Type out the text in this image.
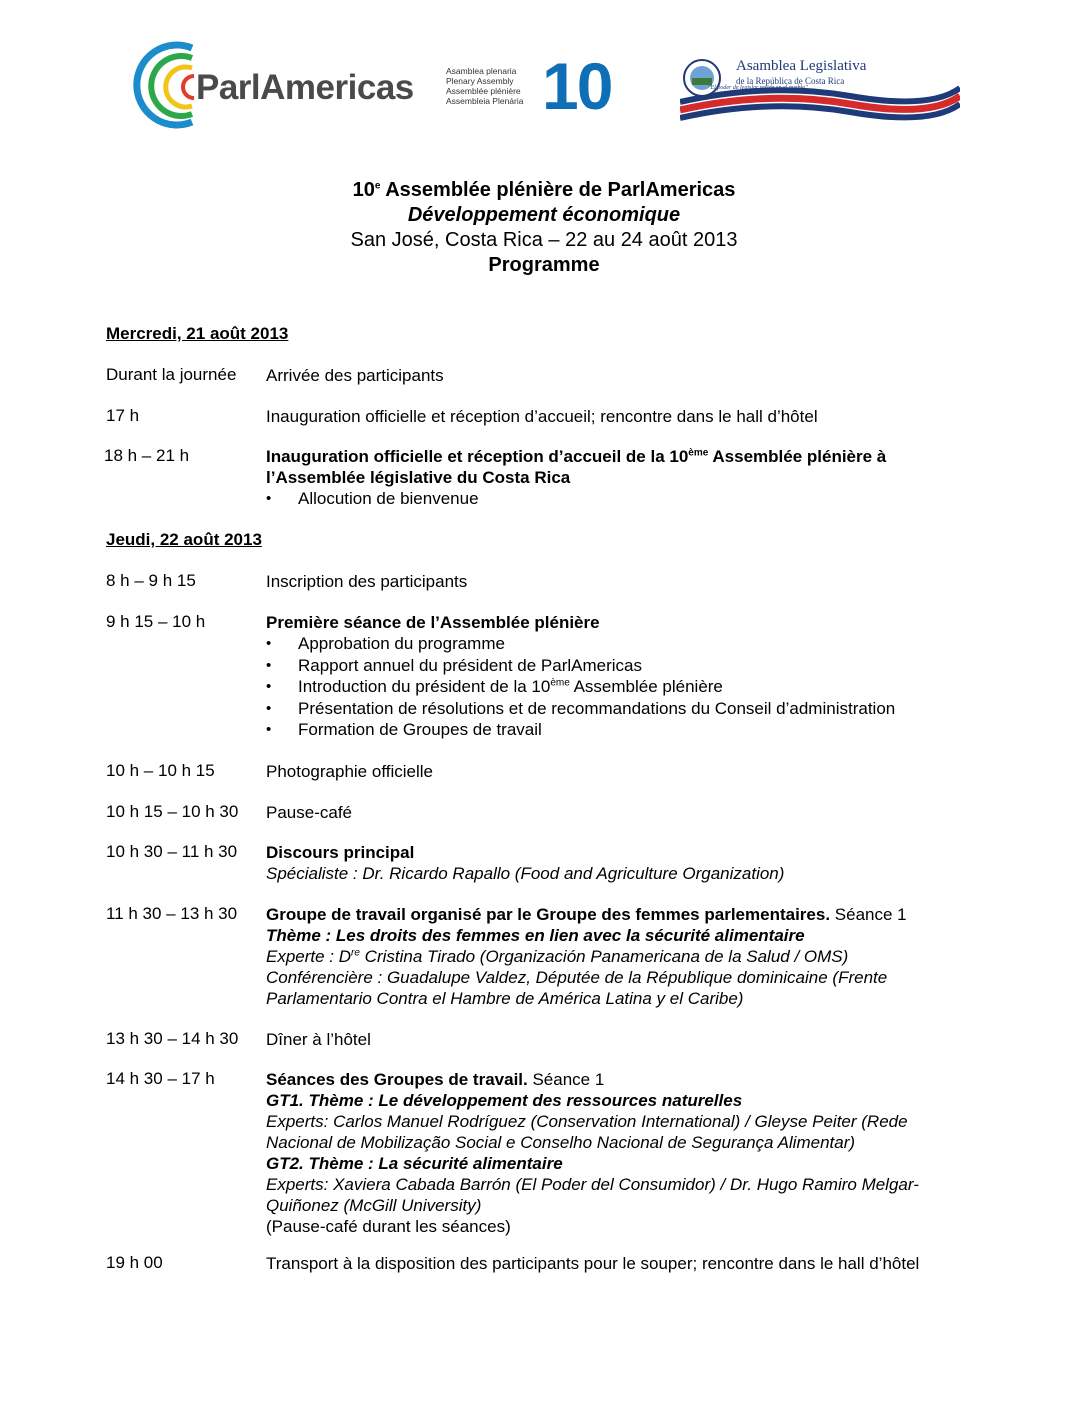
ParlAmericas	Asamblea plenaria
Plenary Assembly
Assemblée plénière
Assembleia Plenária 10	Asamblea Legislativa
de la República de Costa Rica
"El poder de legislar reside en el pueblo"
10e Assemblée plénière de ParlAmericas
Développement économique
San José, Costa Rica – 22 au 24 août 2013
Programme
Mercredi, 21 août 2013
Durant la journée	Arrivée des participants
17 h	Inauguration officielle et réception d’accueil; rencontre dans le hall d’hôtel
18 h – 21 h	Inauguration officielle et réception d’accueil de la 10ème Assemblée plénière à l’Assemblée législative du Costa Rica
• Allocution de bienvenue
Jeudi, 22 août 2013
8 h – 9 h 15	Inscription des participants
9 h 15 – 10 h	Première séance de l’Assemblée plénière
• Approbation du programme
• Rapport annuel du président de ParlAmericas
• Introduction du président de la 10ème Assemblée plénière
• Présentation de résolutions et de recommandations du Conseil d’administration
• Formation de Groupes de travail
10 h – 10 h 15	Photographie officielle
10 h 15 – 10 h 30	Pause-café
10 h 30 – 11 h 30	Discours principal
Spécialiste : Dr. Ricardo Rapallo (Food and Agriculture Organization)
11 h 30 – 13 h 30	Groupe de travail organisé par le Groupe des femmes parlementaires. Séance 1
Thème : Les droits des femmes en lien avec la sécurité alimentaire
Experte : Dre Cristina Tirado (Organización Panamericana de la Salud / OMS)
Conférencière : Guadalupe Valdez, Députée de la République dominicaine (Frente Parlamentario Contra el Hambre de América Latina y el Caribe)
13 h 30 – 14 h 30	Dîner à l’hôtel
14 h 30 – 17 h	Séances des Groupes de travail. Séance 1
GT1. Thème : Le développement des ressources naturelles
Experts: Carlos Manuel Rodríguez (Conservation International) / Gleyse Peiter (Rede Nacional de Mobilização Social e Conselho Nacional de Segurança Alimentar)
GT2. Thème : La sécurité alimentaire
Experts: Xaviera Cabada Barrón (El Poder del Consumidor) / Dr. Hugo Ramiro Melgar-Quiñonez (McGill University)
(Pause-café durant les séances)
19 h 00	Transport à la disposition des participants pour le souper; rencontre dans le hall d’hôtel
